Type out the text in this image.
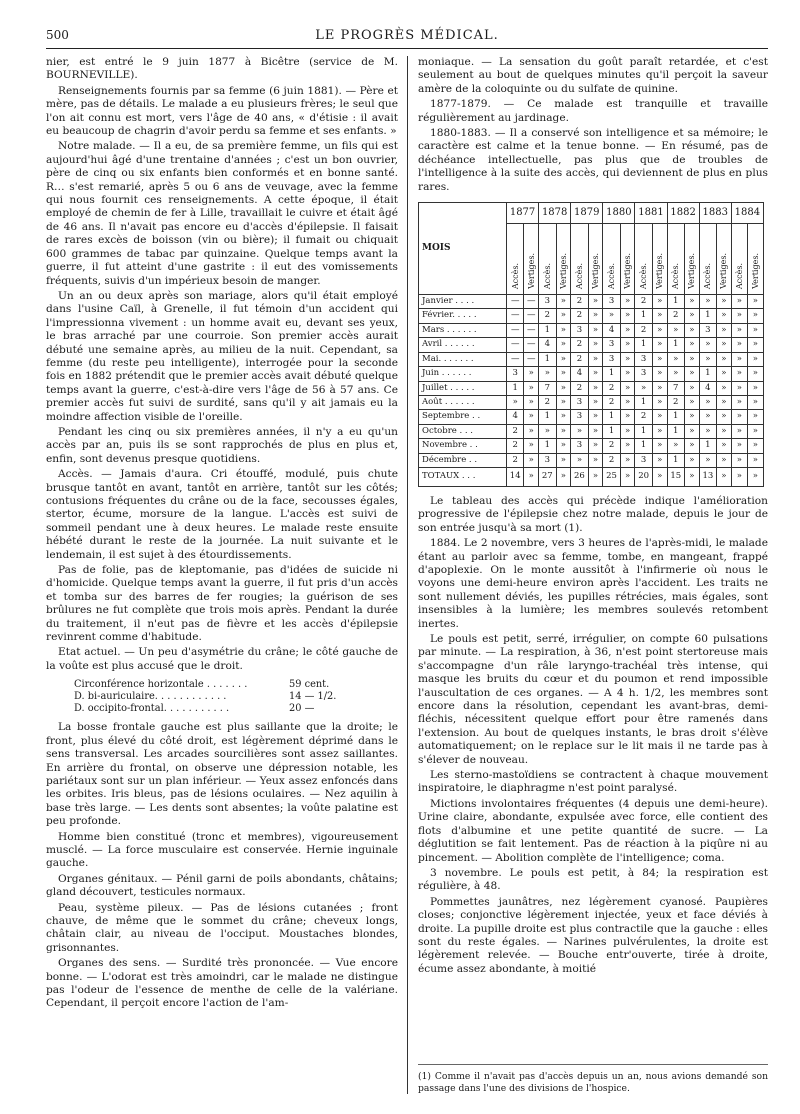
500	LE PROGRÈS MÉDICAL.

nier, est entré le 9 juin 1877 à Bicêtre (service de M. BOURNEVILLE).

Renseignements fournis par sa femme (6 juin 1881). — Père et mère, pas de détails. Le malade a eu plusieurs frères; le seul que l'on ait connu est mort, vers l'âge de 40 ans, « d'étisie : il avait eu beaucoup de chagrin d'avoir perdu sa femme et ses enfants. »

Notre malade. — Il a eu, de sa première femme, un fils qui est aujourd'hui âgé d'une trentaine d'années ; c'est un bon ouvrier, père de cinq ou six enfants bien conformés et en bonne santé. R… s'est remarié, après 5 ou 6 ans de veuvage, avec la femme qui nous fournit ces renseignements. A cette époque, il était employé de chemin de fer à Lille, travaillait le cuivre et était âgé de 46 ans. Il n'avait pas encore eu d'accès d'épilepsie. Il faisait de rares excès de boisson (vin ou bière); il fumait ou chiquait 600 grammes de tabac par quinzaine. Quelque temps avant la guerre, il fut atteint d'une gastrite : il eut des vomissements fréquents, suivis d'un impérieux besoin de manger.

Un an ou deux après son mariage, alors qu'il était employé dans l'usine Caïl, à Grenelle, il fut témoin d'un accident qui l'impressionna vivement : un homme avait eu, devant ses yeux, le bras arraché par une courroie. Son premier accès aurait débuté une semaine après, au milieu de la nuit. Cependant, sa femme (du reste peu intelligente), interrogée pour la seconde fois en 1882 prétendit que le premier accès avait débuté quelque temps avant la guerre, c'est-à-dire vers l'âge de 56 à 57 ans. Ce premier accès fut suivi de surdité, sans qu'il y ait jamais eu la moindre affection visible de l'oreille.

Pendant les cinq ou six premières années, il n'y a eu qu'un accès par an, puis ils se sont rapprochés de plus en plus et, enfin, sont devenus presque quotidiens.

Accès. — Jamais d'aura. Cri étouffé, modulé, puis chute brusque tantôt en avant, tantôt en arrière, tantôt sur les côtés; contusions fréquentes du crâne ou de la face, secousses égales, stertor, écume, morsure de la langue. L'accès est suivi de sommeil pendant une à deux heures. Le malade reste ensuite hébété durant le reste de la journée. La nuit suivante et le lendemain, il est sujet à des étourdissements.

Pas de folie, pas de kleptomanie, pas d'idées de suicide ni d'homicide. Quelque temps avant la guerre, il fut pris d'un accès et tomba sur des barres de fer rougies; la guérison de ses brûlures ne fut complète que trois mois après. Pendant la durée du traitement, il n'eut pas de fièvre et les accès d'épilepsie revinrent comme d'habitude.

Etat actuel. — Un peu d'asymétrie du crâne; le côté gauche de la voûte est plus accusé que le droit.

Circonférence horizontale . . . . . . .	59 cent.
D. bi-auriculaire. . . . . . . . . . . .	14 — 1/2.
D. occipito-frontal. . . . . . . . . . .	20 —

La bosse frontale gauche est plus saillante que la droite; le front, plus élevé du côté droit, est légèrement déprimé dans le sens transversal. Les arcades sourcilières sont assez saillantes. En arrière du frontal, on observe une dépression notable, les pariétaux sont sur un plan inférieur. — Yeux assez enfoncés dans les orbites. Iris bleus, pas de lésions oculaires. — Nez aquilin à base très large. — Les dents sont absentes; la voûte palatine est peu profonde.

Homme bien constitué (tronc et membres), vigoureusement musclé. — La force musculaire est conservée. Hernie inguinale gauche.

Organes génitaux. — Pénil garni de poils abondants, châtains; gland découvert, testicules normaux.

Peau, système pileux. — Pas de lésions cutanées ; front chauve, de même que le sommet du crâne; cheveux longs, châtain clair, au niveau de l'occiput. Moustaches blondes, grisonnantes.

Organes des sens. — Surdité très prononcée. — Vue encore bonne. — L'odorat est très amoindri, car le malade ne distingue pas l'odeur de l'essence de menthe de celle de la valériane. Cependant, il perçoit encore l'action de l'am-

moniaque. — La sensation du goût paraît retardée, et c'est seulement au bout de quelques minutes qu'il perçoit la saveur amère de la coloquinte ou du sulfate de quinine.

1877-1879. — Ce malade est tranquille et travaille régulièrement au jardinage.

1880-1883. — Il a conservé son intelligence et sa mémoire; le caractère est calme et la tenue bonne. — En résumé, pas de déchéance intellectuelle, pas plus que de troubles de l'intelligence à la suite des accès, qui deviennent de plus en plus rares.

MOIS	1877		1878		1879		1880		1881		1882		1883		1884	
	Accès.	Vertiges.	Accès.	Vertiges.	Accès.	Vertiges.	Accès.	Vertiges.	Accès.	Vertiges.	Accès.	Vertiges.	Accès.	Vertiges.	Accès.	Vertiges.
Janvier . . . .	—	—	3	»	2	»	3	»	2	»	1	»	»	»	»	»
Février. . . . .	—	—	2	»	2	»	»	»	1	»	2	»	1	»	»	»
Mars . . . . . .	—	—	1	»	3	»	4	»	2	»	»	»	3	»	»	»
Avril . . . . . .	—	—	4	»	2	»	3	»	1	»	1	»	»	»	»	»
Mai. . . . . . .	—	—	1	»	2	»	3	»	3	»	»	»	»	»	»	»
Juin . . . . . .	3	»	»	»	4	»	1	»	3	»	»	»	1	»	»	»
Juillet . . . . .	1	»	7	»	2	»	2	»	»	»	7	»	4	»	»	»
Août . . . . . .	»	»	2	»	3	»	2	»	1	»	2	»	»	»	»	»
Septembre . .	4	»	1	»	3	»	1	»	2	»	1	»	»	»	»	»
Octobre . . .	2	»	»	»	»	»	1	»	1	»	1	»	»	»	»	»
Novembre . .	2	»	1	»	3	»	2	»	1	»	»	»	1	»	»	»
Décembre . .	2	»	3	»	»	»	2	»	3	»	1	»	»	»	»	»
TOTAUX . . .	14	»	27	»	26	»	25	»	20	»	15	»	13	»	»	»

Le tableau des accès qui précède indique l'amélioration progressive de l'épilepsie chez notre malade, depuis le jour de son entrée jusqu'à sa mort (1).

1884. Le 2 novembre, vers 3 heures de l'après-midi, le malade étant au parloir avec sa femme, tombe, en mangeant, frappé d'apoplexie. On le monte aussitôt à l'infirmerie où nous le voyons une demi-heure environ après l'accident. Les traits ne sont nullement déviés, les pupilles rétrécies, mais égales, sont insensibles à la lumière; les membres soulevés retombent inertes.

Le pouls est petit, serré, irrégulier, on compte 60 pulsations par minute. — La respiration, à 36, n'est point stertoreuse mais s'accompagne d'un râle laryngo-trachéal très intense, qui masque les bruits du cœur et du poumon et rend impossible l'auscultation de ces organes. — A 4 h. 1/2, les membres sont encore dans la résolution, cependant les avant-bras, demi-fléchis, nécessitent quelque effort pour être ramenés dans l'extension. Au bout de quelques instants, le bras droit s'élève automatiquement; on le replace sur le lit mais il ne tarde pas à s'élever de nouveau.

Les sterno-mastoïdiens se contractent à chaque mouvement inspiratoire, le diaphragme n'est point paralysé.

Mictions involontaires fréquentes (4 depuis une demi-heure). Urine claire, abondante, expulsée avec force, elle contient des flots d'albumine et une petite quantité de sucre. — La déglutition se fait lentement. Pas de réaction à la piqûre ni au pincement. — Abolition complète de l'intelligence; coma.

3 novembre. Le pouls est petit, à 84; la respiration est régulière, à 48.

Pommettes jaunâtres, nez légèrement cyanosé. Paupières closes; conjonctive légèrement injectée, yeux et face déviés à droite. La pupille droite est plus contractile que la gauche : elles sont du reste égales. — Narines pulvérulentes, la droite est légèrement relevée. — Bouche entr'ouverte, tirée à droite, écume assez abondante, à moitié

(1) Comme il n'avait pas d'accès depuis un an, nous avions demandé son passage dans l'une des divisions de l'hospice.
